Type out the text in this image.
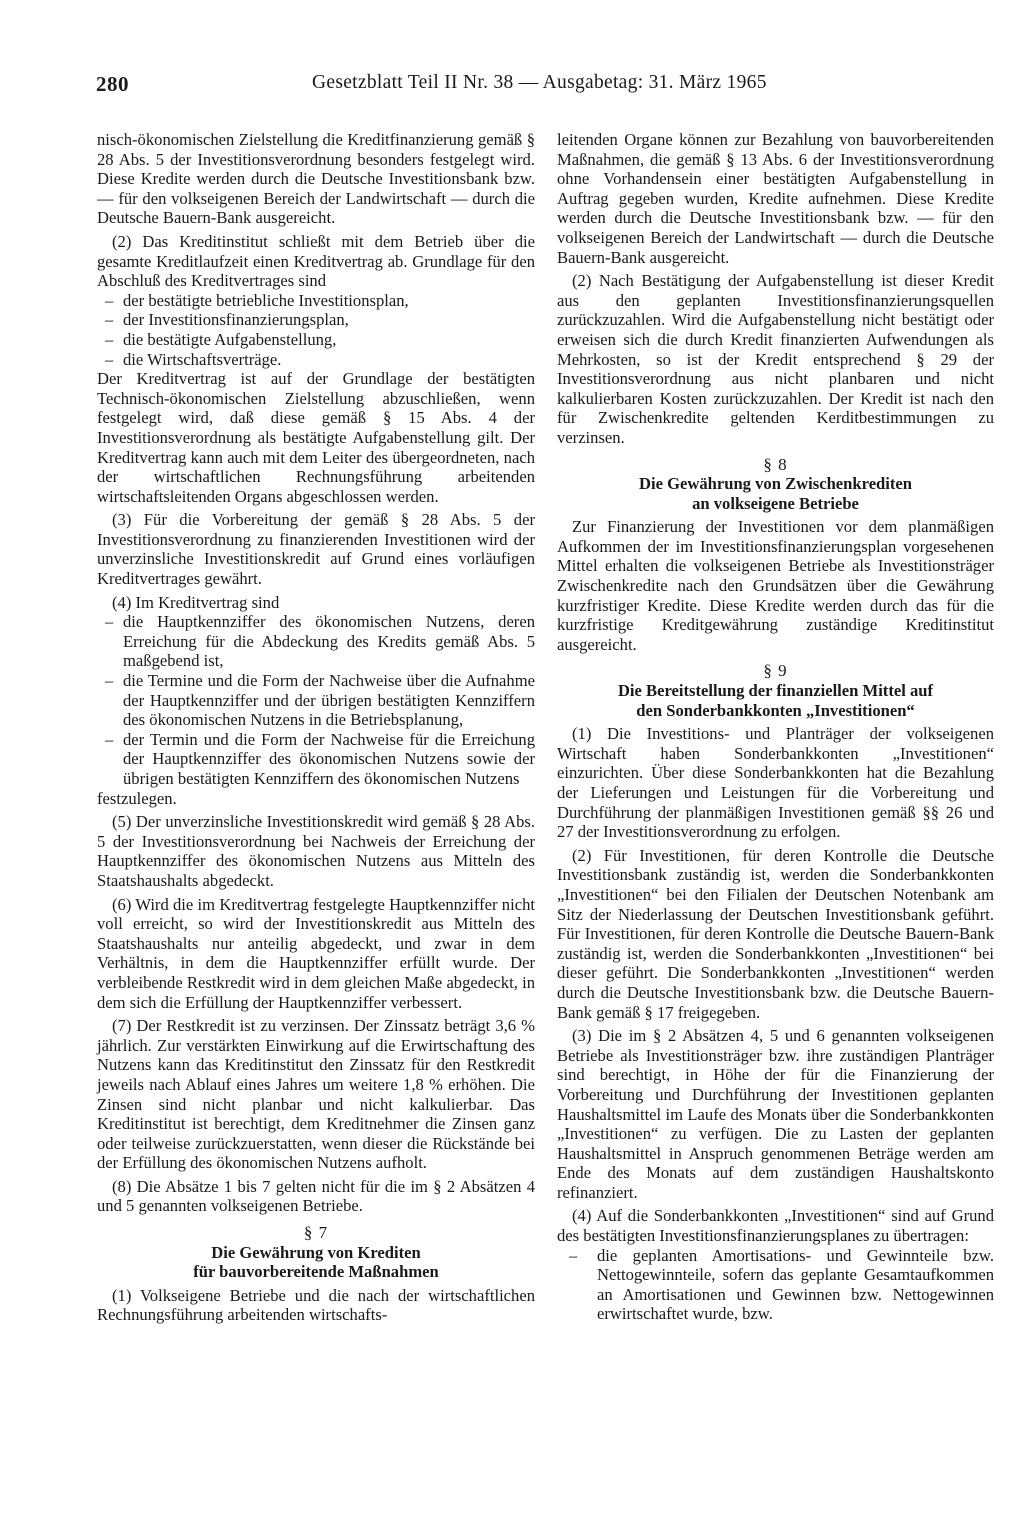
280	Gesetzblatt Teil II Nr. 38 — Ausgabetag: 31. März 1965

nisch-ökonomischen Zielstellung die Kreditfinanzierung gemäß § 28 Abs. 5 der Investitionsverordnung besonders festgelegt wird. Diese Kredite werden durch die Deutsche Investitionsbank bzw. — für den volkseigenen Bereich der Landwirtschaft — durch die Deutsche Bauern-Bank ausgereicht.

(2) Das Kreditinstitut schließt mit dem Betrieb über die gesamte Kreditlaufzeit einen Kreditvertrag ab. Grundlage für den Abschluß des Kreditvertrages sind

– der bestätigte betriebliche Investitionsplan,
– der Investitionsfinanzierungsplan,
– die bestätigte Aufgabenstellung,
– die Wirtschaftsverträge.

Der Kreditvertrag ist auf der Grundlage der bestätigten Technisch-ökonomischen Zielstellung abzuschließen, wenn festgelegt wird, daß diese gemäß § 15 Abs. 4 der Investitionsverordnung als bestätigte Aufgabenstellung gilt. Der Kreditvertrag kann auch mit dem Leiter des übergeordneten, nach der wirtschaftlichen Rechnungsführung arbeitenden wirtschaftsleitenden Organs abgeschlossen werden.

(3) Für die Vorbereitung der gemäß § 28 Abs. 5 der Investitionsverordnung zu finanzierenden Investitionen wird der unverzinsliche Investitionskredit auf Grund eines vorläufigen Kreditvertrages gewährt.

(4) Im Kreditvertrag sind

– die Hauptkennziffer des ökonomischen Nutzens, deren Erreichung für die Abdeckung des Kredits gemäß Abs. 5 maßgebend ist,
– die Termine und die Form der Nachweise über die Aufnahme der Hauptkennziffer und der übrigen bestätigten Kennziffern des ökonomischen Nutzens in die Betriebsplanung,
– der Termin und die Form der Nachweise für die Erreichung der Hauptkennziffer des ökonomischen Nutzens sowie der übrigen bestätigten Kennziffern des ökonomischen Nutzens

festzulegen.

(5) Der unverzinsliche Investitionskredit wird gemäß § 28 Abs. 5 der Investitionsverordnung bei Nachweis der Erreichung der Hauptkennziffer des ökonomischen Nutzens aus Mitteln des Staatshaushalts abgedeckt.

(6) Wird die im Kreditvertrag festgelegte Hauptkennziffer nicht voll erreicht, so wird der Investitionskredit aus Mitteln des Staatshaushalts nur anteilig abgedeckt, und zwar in dem Verhältnis, in dem die Hauptkennziffer erfüllt wurde. Der verbleibende Restkredit wird in dem gleichen Maße abgedeckt, in dem sich die Erfüllung der Hauptkennziffer verbessert.

(7) Der Restkredit ist zu verzinsen. Der Zinssatz beträgt 3,6 % jährlich. Zur verstärkten Einwirkung auf die Erwirtschaftung des Nutzens kann das Kreditinstitut den Zinssatz für den Restkredit jeweils nach Ablauf eines Jahres um weitere 1,8 % erhöhen. Die Zinsen sind nicht planbar und nicht kalkulierbar. Das Kreditinstitut ist berechtigt, dem Kreditnehmer die Zinsen ganz oder teilweise zurückzuerstatten, wenn dieser die Rückstände bei der Erfüllung des ökonomischen Nutzens aufholt.

(8) Die Absätze 1 bis 7 gelten nicht für die im § 2 Absätzen 4 und 5 genannten volkseigenen Betriebe.

§ 7
Die Gewährung von Krediten
für bauvorbereitende Maßnahmen

(1) Volkseigene Betriebe und die nach der wirtschaftlichen Rechnungsführung arbeitenden wirtschafts-

leitenden Organe können zur Bezahlung von bauvorbereitenden Maßnahmen, die gemäß § 13 Abs. 6 der Investitionsverordnung ohne Vorhandensein einer bestätigten Aufgabenstellung in Auftrag gegeben wurden, Kredite aufnehmen. Diese Kredite werden durch die Deutsche Investitionsbank bzw. — für den volkseigenen Bereich der Landwirtschaft — durch die Deutsche Bauern-Bank ausgereicht.

(2) Nach Bestätigung der Aufgabenstellung ist dieser Kredit aus den geplanten Investitionsfinanzierungsquellen zurückzuzahlen. Wird die Aufgabenstellung nicht bestätigt oder erweisen sich die durch Kredit finanzierten Aufwendungen als Mehrkosten, so ist der Kredit entsprechend § 29 der Investitionsverordnung aus nicht planbaren und nicht kalkulierbaren Kosten zurückzuzahlen. Der Kredit ist nach den für Zwischenkredite geltenden Kerditbestimmungen zu verzinsen.

§ 8
Die Gewährung von Zwischenkrediten
an volkseigene Betriebe

Zur Finanzierung der Investitionen vor dem planmäßigen Aufkommen der im Investitionsfinanzierungsplan vorgesehenen Mittel erhalten die volkseigenen Betriebe als Investitionsträger Zwischenkredite nach den Grundsätzen über die Gewährung kurzfristiger Kredite. Diese Kredite werden durch das für die kurzfristige Kreditgewährung zuständige Kreditinstitut ausgereicht.

§ 9
Die Bereitstellung der finanziellen Mittel auf
den Sonderbankkonten „Investitionen“

(1) Die Investitions- und Planträger der volkseigenen Wirtschaft haben Sonderbankkonten „Investitionen“ einzurichten. Über diese Sonderbankkonten hat die Bezahlung der Lieferungen und Leistungen für die Vorbereitung und Durchführung der planmäßigen Investitionen gemäß §§ 26 und 27 der Investitionsverordnung zu erfolgen.

(2) Für Investitionen, für deren Kontrolle die Deutsche Investitionsbank zuständig ist, werden die Sonderbankkonten „Investitionen“ bei den Filialen der Deutschen Notenbank am Sitz der Niederlassung der Deutschen Investitionsbank geführt. Für Investitionen, für deren Kontrolle die Deutsche Bauern-Bank zuständig ist, werden die Sonderbankkonten „Investitionen“ bei dieser geführt. Die Sonderbankkonten „Investitionen“ werden durch die Deutsche Investitionsbank bzw. die Deutsche Bauern-Bank gemäß § 17 freigegeben.

(3) Die im § 2 Absätzen 4, 5 und 6 genannten volkseigenen Betriebe als Investitionsträger bzw. ihre zuständigen Planträger sind berechtigt, in Höhe der für die Finanzierung der Vorbereitung und Durchführung der Investitionen geplanten Haushaltsmittel im Laufe des Monats über die Sonderbankkonten „Investitionen“ zu verfügen. Die zu Lasten der geplanten Haushaltsmittel in Anspruch genommenen Beträge werden am Ende des Monats auf dem zuständigen Haushaltskonto refinanziert.

(4) Auf die Sonderbankkonten „Investitionen“ sind auf Grund des bestätigten Investitionsfinanzierungsplanes zu übertragen:

– die geplanten Amortisations- und Gewinnteile bzw. Nettogewinnteile, sofern das geplante Gesamtaufkommen an Amortisationen und Gewinnen bzw. Nettogewinnen erwirtschaftet wurde, bzw.
